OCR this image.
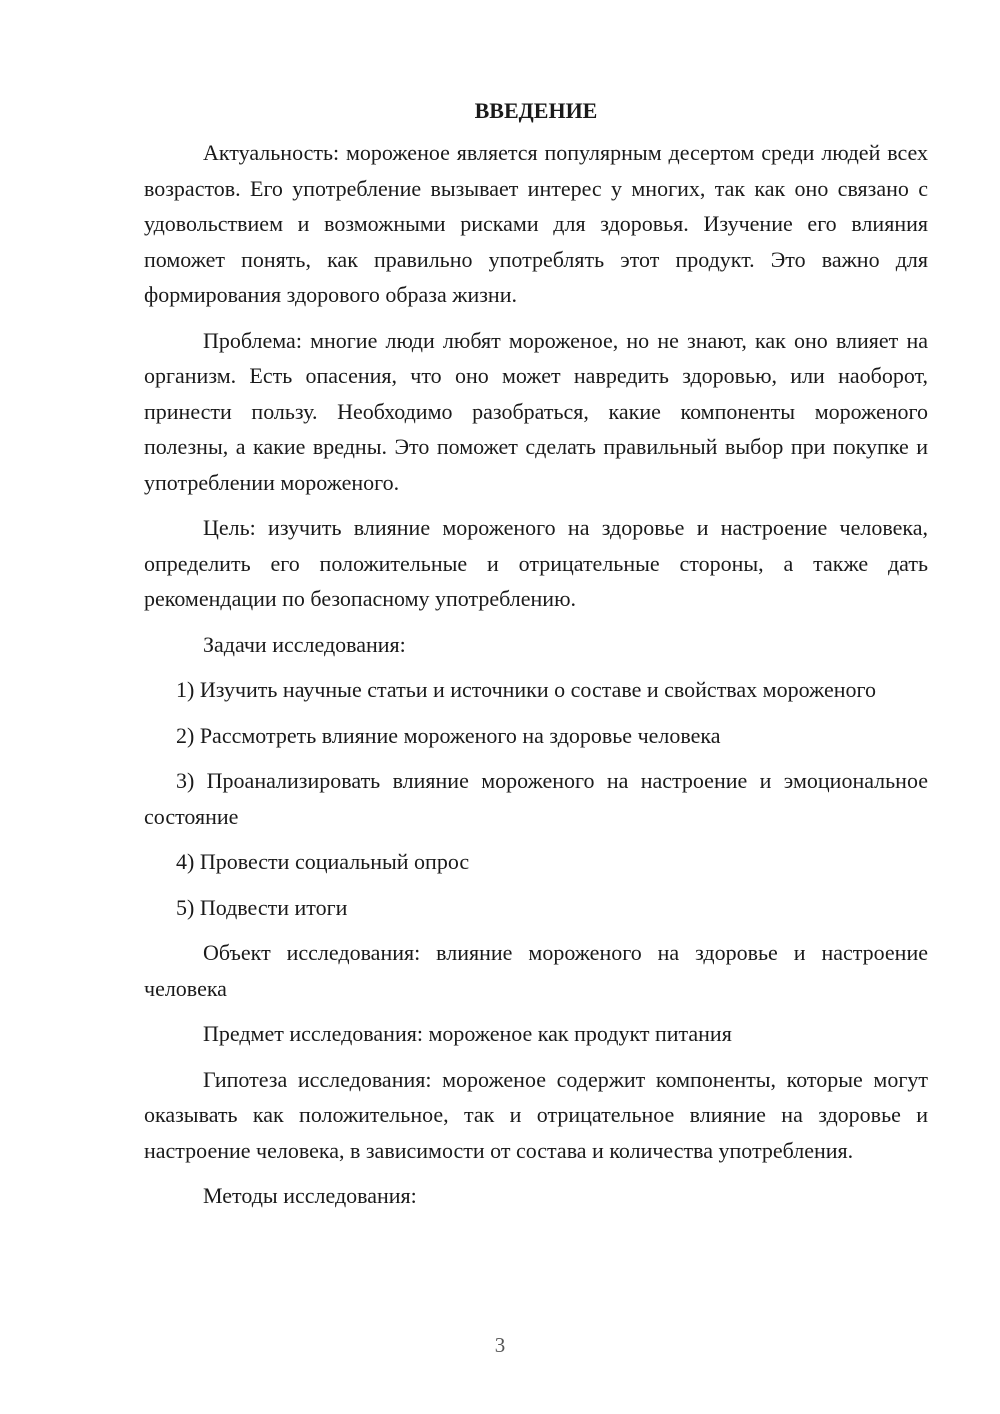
ВВЕДЕНИЕ

Актуальность: мороженое является популярным десертом среди людей всех возрастов. Его употребление вызывает интерес у многих, так как оно связано с удовольствием и возможными рисками для здоровья. Изучение его влияния поможет понять, как правильно употреблять этот продукт. Это важно для формирования здорового образа жизни.

Проблема: многие люди любят мороженое, но не знают, как оно влияет на организм. Есть опасения, что оно может навредить здоровью, или наоборот, принести пользу. Необходимо разобраться, какие компоненты мороженого полезны, а какие вредны. Это поможет сделать правильный выбор при покупке и употреблении мороженого.

Цель: изучить влияние мороженого на здоровье и настроение человека, определить его положительные и отрицательные стороны, а также дать рекомендации по безопасному употреблению.

Задачи исследования:

1) Изучить научные статьи и источники о составе и свойствах мороженого

2) Рассмотреть влияние мороженого на здоровье человека

3) Проанализировать влияние мороженого на настроение и эмоциональное состояние

4) Провести социальный опрос

5) Подвести итоги

Объект исследования: влияние мороженого на здоровье и настроение человека

Предмет исследования: мороженое как продукт питания

Гипотеза исследования: мороженое содержит компоненты, которые могут оказывать как положительное, так и отрицательное влияние на здоровье и настроение человека, в зависимости от состава и количества употребления.

Методы исследования:

3
